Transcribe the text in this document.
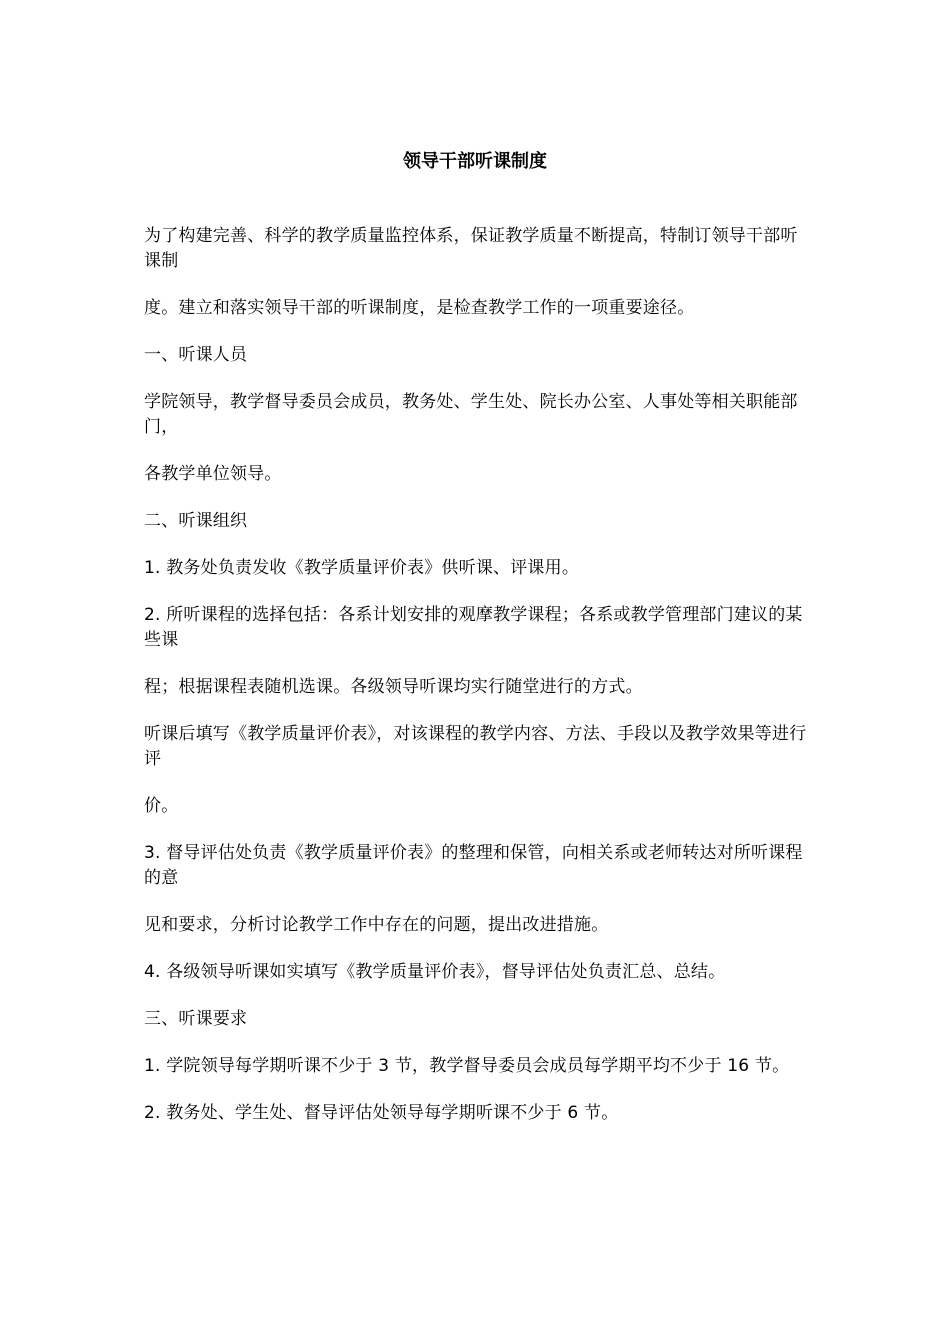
领导干部听课制度

为了构建完善、科学的教学质量监控体系，保证教学质量不断提高，特制订领导干部听课制

度。建立和落实领导干部的听课制度，是检查教学工作的一项重要途径。

一、听课人员

学院领导，教学督导委员会成员，教务处、学生处、院长办公室、人事处等相关职能部门，

各教学单位领导。

二、听课组织

1. 教务处负责发收《教学质量评价表》供听课、评课用。

2. 所听课程的选择包括：各系计划安排的观摩教学课程；各系或教学管理部门建议的某些课

程；根据课程表随机选课。各级领导听课均实行随堂进行的方式。

听课后填写《教学质量评价表》，对该课程的教学内容、方法、手段以及教学效果等进行评

价。

3. 督导评估处负责《教学质量评价表》的整理和保管，向相关系或老师转达对所听课程的意

见和要求，分析讨论教学工作中存在的问题，提出改进措施。

4. 各级领导听课如实填写《教学质量评价表》，督导评估处负责汇总、总结。

三、听课要求

1. 学院领导每学期听课不少于 3 节，教学督导委员会成员每学期平均不少于 16 节。

2. 教务处、学生处、督导评估处领导每学期听课不少于 6 节。
